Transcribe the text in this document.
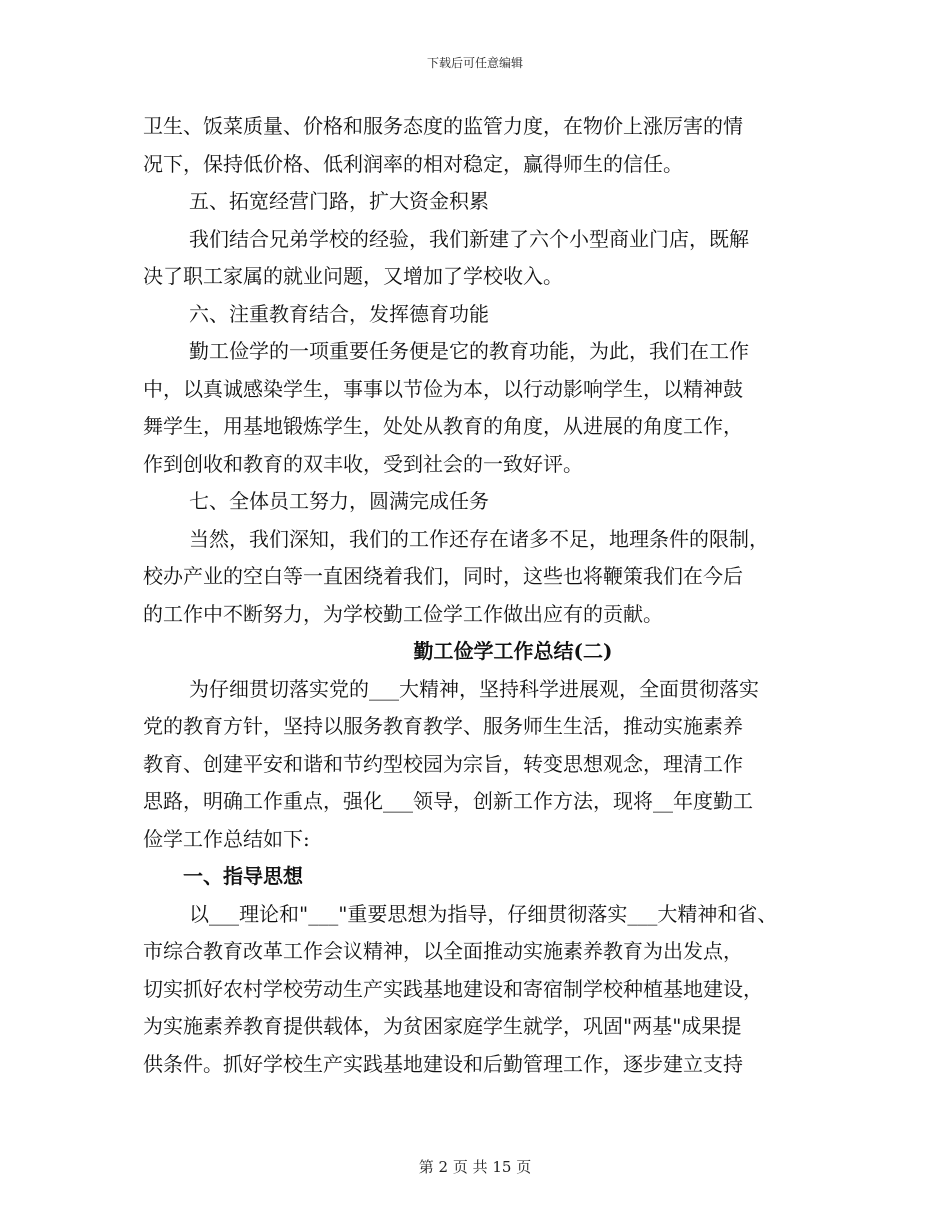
下载后可任意编辑
卫生、饭菜质量、价格和服务态度的监管力度，在物价上涨厉害的情
况下，保持低价格、低利润率的相对稳定，赢得师生的信任。
五、拓宽经营门路，扩大资金积累
我们结合兄弟学校的经验，我们新建了六个小型商业门店，既解
决了职工家属的就业问题，又增加了学校收入。
六、注重教育结合，发挥德育功能
勤工俭学的一项重要任务便是它的教育功能，为此，我们在工作
中，以真诚感染学生，事事以节俭为本，以行动影响学生，以精神鼓
舞学生，用基地锻炼学生，处处从教育的角度，从进展的角度工作，
作到创收和教育的双丰收，受到社会的一致好评。
七、全体员工努力，圆满完成任务
当然，我们深知，我们的工作还存在诸多不足，地理条件的限制，
校办产业的空白等一直困绕着我们，同时，这些也将鞭策我们在今后
的工作中不断努力，为学校勤工俭学工作做出应有的贡献。
勤工俭学工作总结(二)
为仔细贯切落实党的___大精神，坚持科学进展观，全面贯彻落实
党的教育方针，坚持以服务教育教学、服务师生生活，推动实施素养
教育、创建平安和谐和节约型校园为宗旨，转变思想观念，理清工作
思路，明确工作重点，强化___领导，创新工作方法，现将__年度勤工
俭学工作总结如下:
一、指导思想
以___理论和"___"重要思想为指导，仔细贯彻落实___大精神和省、
市综合教育改革工作会议精神，以全面推动实施素养教育为出发点，
切实抓好农村学校劳动生产实践基地建设和寄宿制学校种植基地建设，
为实施素养教育提供载体，为贫困家庭学生就学，巩固"两基"成果提
供条件。抓好学校生产实践基地建设和后勤管理工作，逐步建立支持
第 2 页 共 15 页
